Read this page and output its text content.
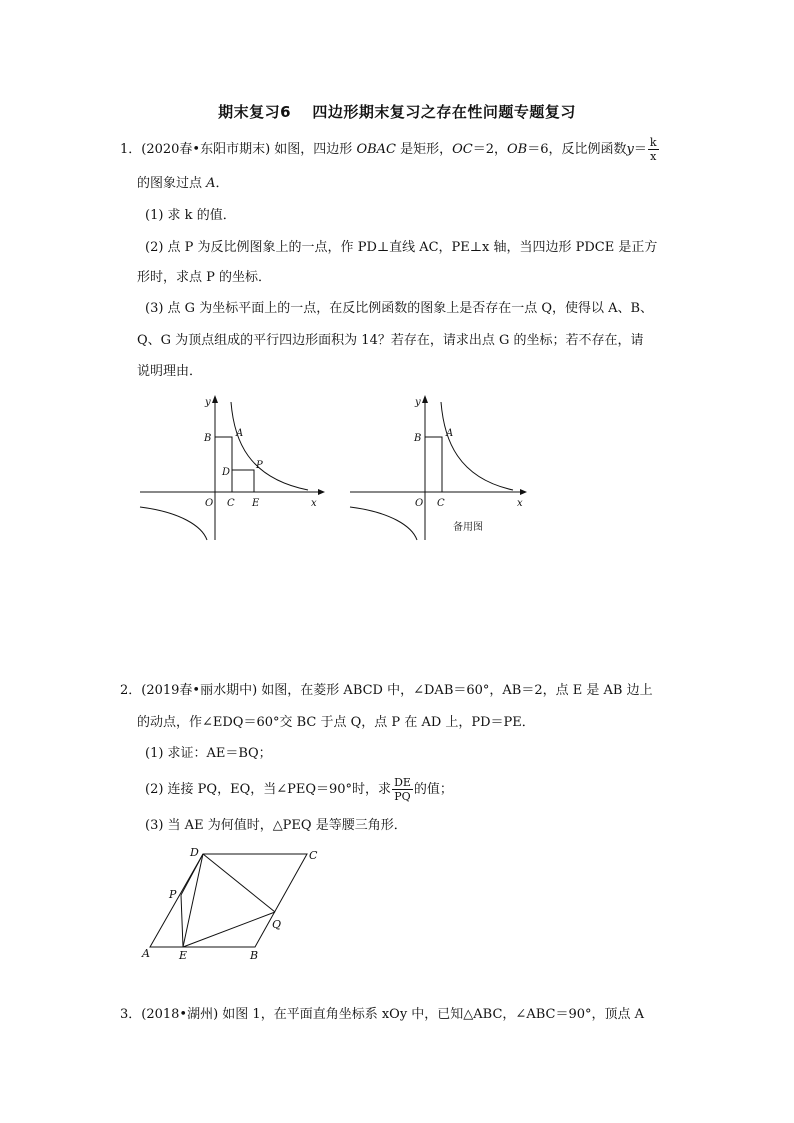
期末复习6　 四边形期末复习之存在性问题专题复习
1．(2020春•东阳市期末) 如图，四边形 OBAC 是矩形，OC＝2，OB＝6，反比例函数$y= \frac{k}{x}$
的图象过点 A．
(1) 求 k 的值．
(2) 点 P 为反比例图象上的一点，作 PD⊥直线 AC，PE⊥x 轴，当四边形 PDCE 是正方
形时，求点 P 的坐标．
(3) 点 G 为坐标平面上的一点，在反比例函数的图象上是否存在一点 Q，使得以 A、B、
Q、G 为顶点组成的平行四边形面积为 14？若存在，请求出点 G 的坐标；若不存在，请
说明理由．
y
x
O
B A
C
D
E
P
y
x
O
B A
C
备用图
2．(2019春•丽水期中) 如图，在菱形 ABCD 中，∠DAB＝60°，AB＝2，点 E 是 AB 边上
的动点，作∠EDQ＝60°交 BC 于点 Q，点 P 在 AD 上，PD＝PE．
(1) 求证：AE＝BQ；
(2) 连接 PQ，EQ，当∠PEQ＝90°时，求 $\frac{DE}{PQ}$ 的值；
(3) 当 AE 为何值时，△PEQ 是等腰三角形．
D	C
P
Q
A	E	B
3．(2018•湖州) 如图 1，在平面直角坐标系 xOy 中，已知△ABC，∠ABC＝90°，顶点 A
